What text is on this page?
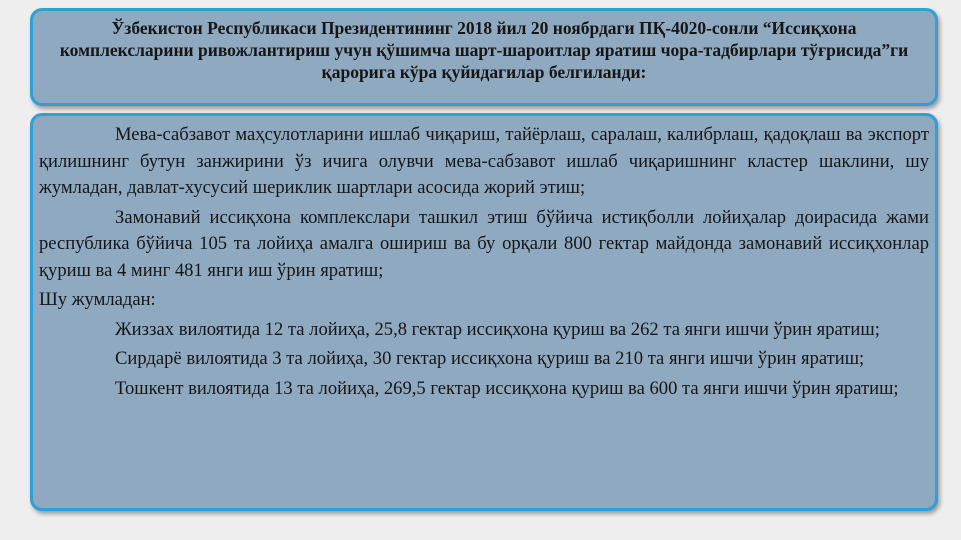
Ўзбекистон Республикаси Президентининг 2018 йил 20 ноябрдаги ПҚ-4020-сонли “Иссиқхона комплексларини ривожлантириш учун қўшимча шарт-шароитлар яратиш чора-тадбирлари тўғрисида”ги қарорига кўра қуйидагилар белгиланди:

Мева-сабзавот маҳсулотларини ишлаб чиқариш, тайёрлаш, саралаш, калибрлаш, қадоқлаш ва экспорт қилишнинг бутун занжирини ўз ичига олувчи мева-сабзавот ишлаб чиқаришнинг кластер шаклини, шу жумладан, давлат-хусусий шериклик шартлари асосида жорий этиш;

Замонавий иссиқхона комплекслари ташкил этиш бўйича истиқболли лойиҳалар доирасида жами республика бўйича 105 та лойиҳа амалга ошириш ва бу орқали 800 гектар майдонда замонавий иссиқхонлар қуриш ва 4 минг 481 янги иш ўрин яратиш;

Шу жумладан:

Жиззах вилоятида 12 та лойиҳа, 25,8 гектар иссиқхона қуриш ва 262 та янги ишчи ўрин яратиш;

Сирдарё вилоятида 3 та лойиҳа, 30 гектар иссиқхона қуриш ва 210 та янги ишчи ўрин яратиш;

Тошкент вилоятида 13 та лойиҳа, 269,5 гектар иссиқхона қуриш ва 600 та янги ишчи ўрин яратиш;
